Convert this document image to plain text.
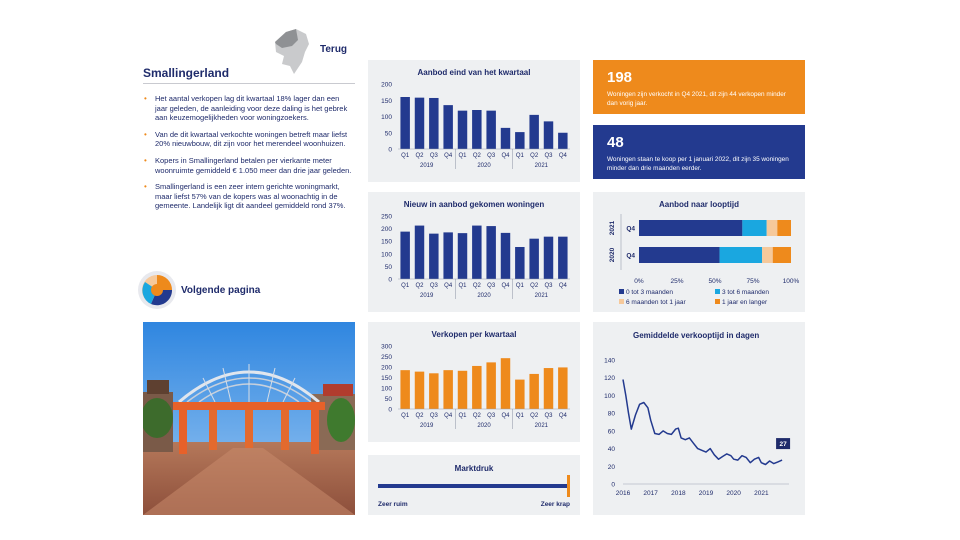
Terug
Smallingerland
• Het aantal verkopen lag dit kwartaal 18% lager dan een jaar geleden, de aanleiding voor deze daling is het gebrek aan keuzemogelijkheden voor woningzoekers.
• Van de dit kwartaal verkochte woningen betreft maar liefst 20% nieuwbouw, dit zijn voor het merendeel woonhuizen.
• Kopers in Smallingerland betalen per vierkante meter woonruimte gemiddeld € 1.050 meer dan drie jaar geleden.
• Smallingerland is een zeer intern gerichte woningmarkt, maar liefst 57% van de kopers was al woonachtig in de gemeente. Landelijk ligt dit aandeel gemiddeld rond 37%.
Volgende pagina
Aanbod eind van het kwartaal
0
50
100
150
200
Q1 Q2 Q3 Q4 Q1 Q2 Q3 Q4 Q1 Q2 Q3 Q4
2019	2020	2021
Nieuw in aanbod gekomen woningen
0
50
100
150
200
250
Q1 Q2 Q3 Q4 Q1 Q2 Q3 Q4 Q1 Q2 Q3 Q4
2019	2020	2021
Verkopen per kwartaal
0
50
100
150
200
250
300
Q1 Q2 Q3 Q4 Q1 Q2 Q3 Q4 Q1 Q2 Q3 Q4
2019	2020	2021
Marktdruk
Zeer ruim	Zeer krap
198
Woningen zijn verkocht in Q4 2021, dit zijn 44 verkopen minder dan vorig jaar.
48
Woningen staan te koop per 1 januari 2022, dit zijn 35 woningen minder dan drie maanden eerder.
Aanbod naar looptijd
Q4
2021
Q4
2020
0%	25%	50%	75%	100%
0 tot 3 maanden	3 tot 6 maanden
6 maanden tot 1 jaar	1 jaar en langer
Gemiddelde verkooptijd in dagen
0
20
40
60
80
100
120
140
2016 2017 2018 2019 2020 2021
27
